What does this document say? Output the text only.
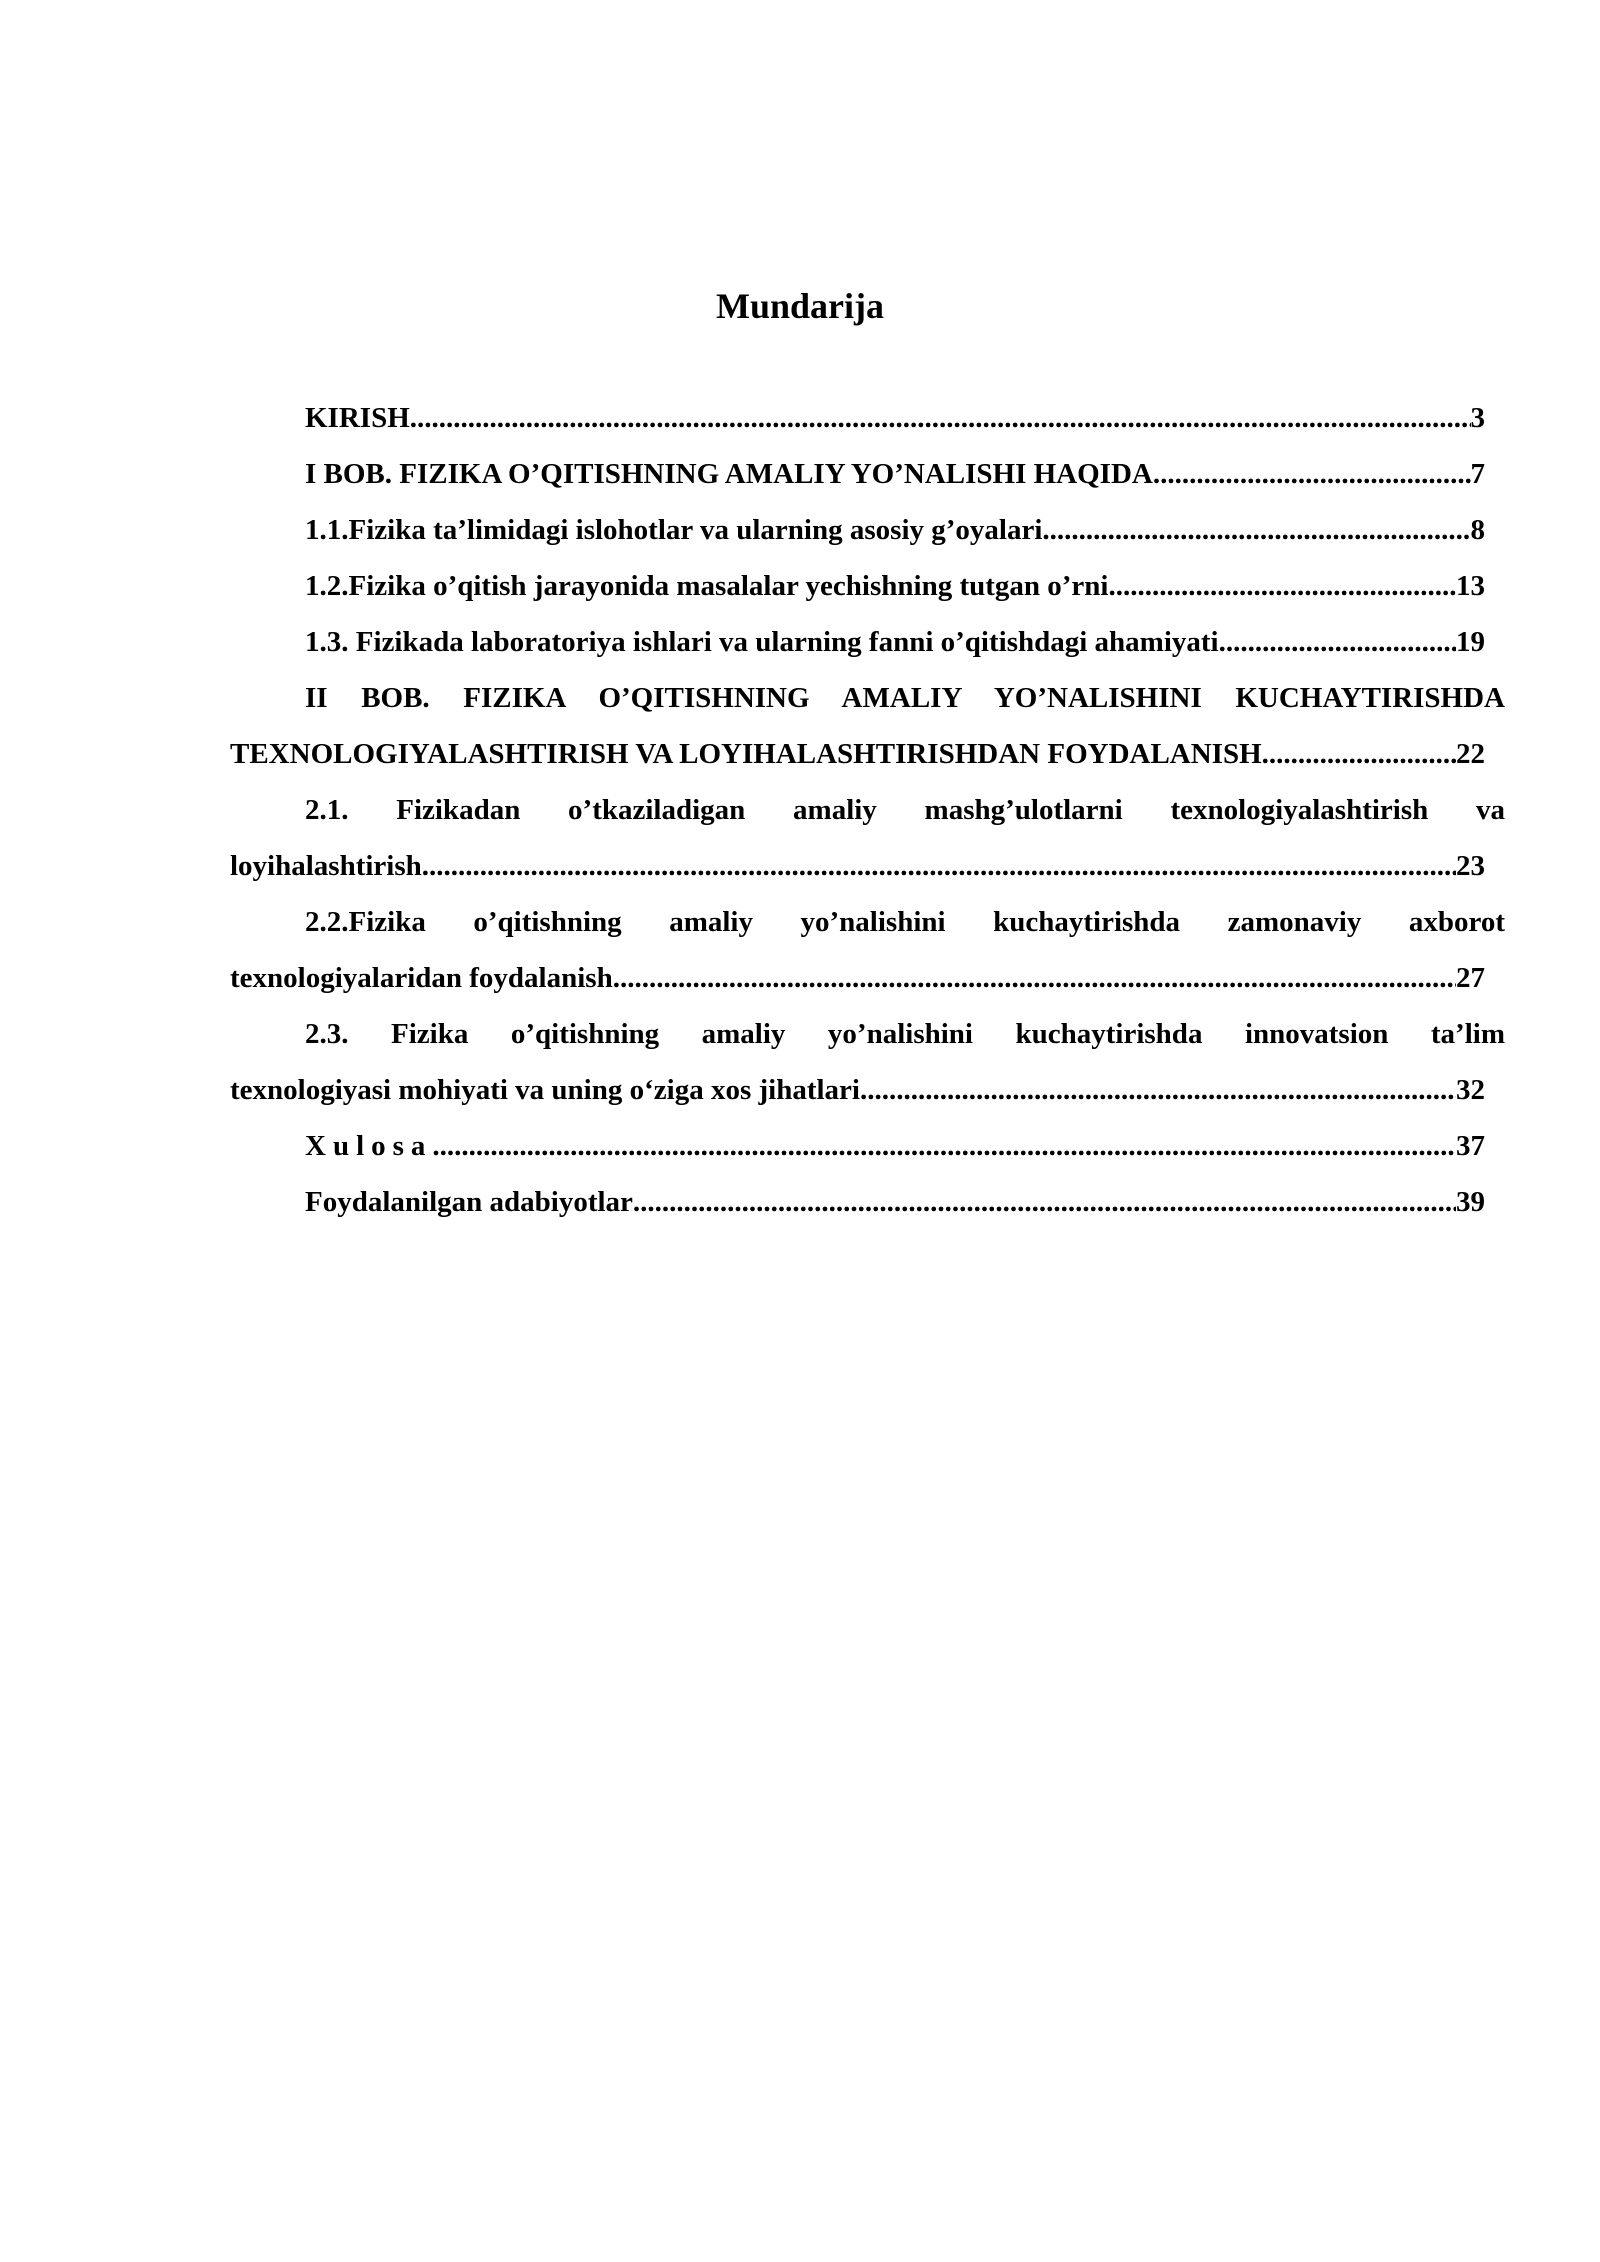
Mundarija
KIRISH .....	3
I BOB. FIZIKA O’QITISHNING AMALIY YO’NALISHI HAQIDA .....	7
1.1.Fizika ta’limidagi islohotlar va ularning asosiy g’oyalari .....	8
1.2.Fizika o’qitish jarayonida masalalar yechishning tutgan o’rni .....	13
1.3. Fizikada laboratoriya ishlari va ularning fanni o’qitishdagi ahamiyati .....	19
II BOB. FIZIKA O’QITISHNING AMALIY YO’NALISHINI KUCHAYTIRISHDA
TEXNOLOGIYALASHTIRISH VA LOYIHALASHTIRISHDAN FOYDALANISH .....	22
2.1. Fizikadan o’tkaziladigan amaliy mashg’ulotlarni texnologiyalashtirish va
loyihalashtirish .....	23
2.2.Fizika o’qitishning amaliy yo’nalishini kuchaytirishda zamonaviy axborot
texnologiyalaridan foydalanish .....	27
2.3. Fizika o’qitishning amaliy yo’nalishini kuchaytirishda innovatsion ta’lim
texnologiyasi mohiyati va uning o‘ziga xos jihatlari .....	32
Xulosa .....	37
Foydalanilgan adabiyotlar .....	39
